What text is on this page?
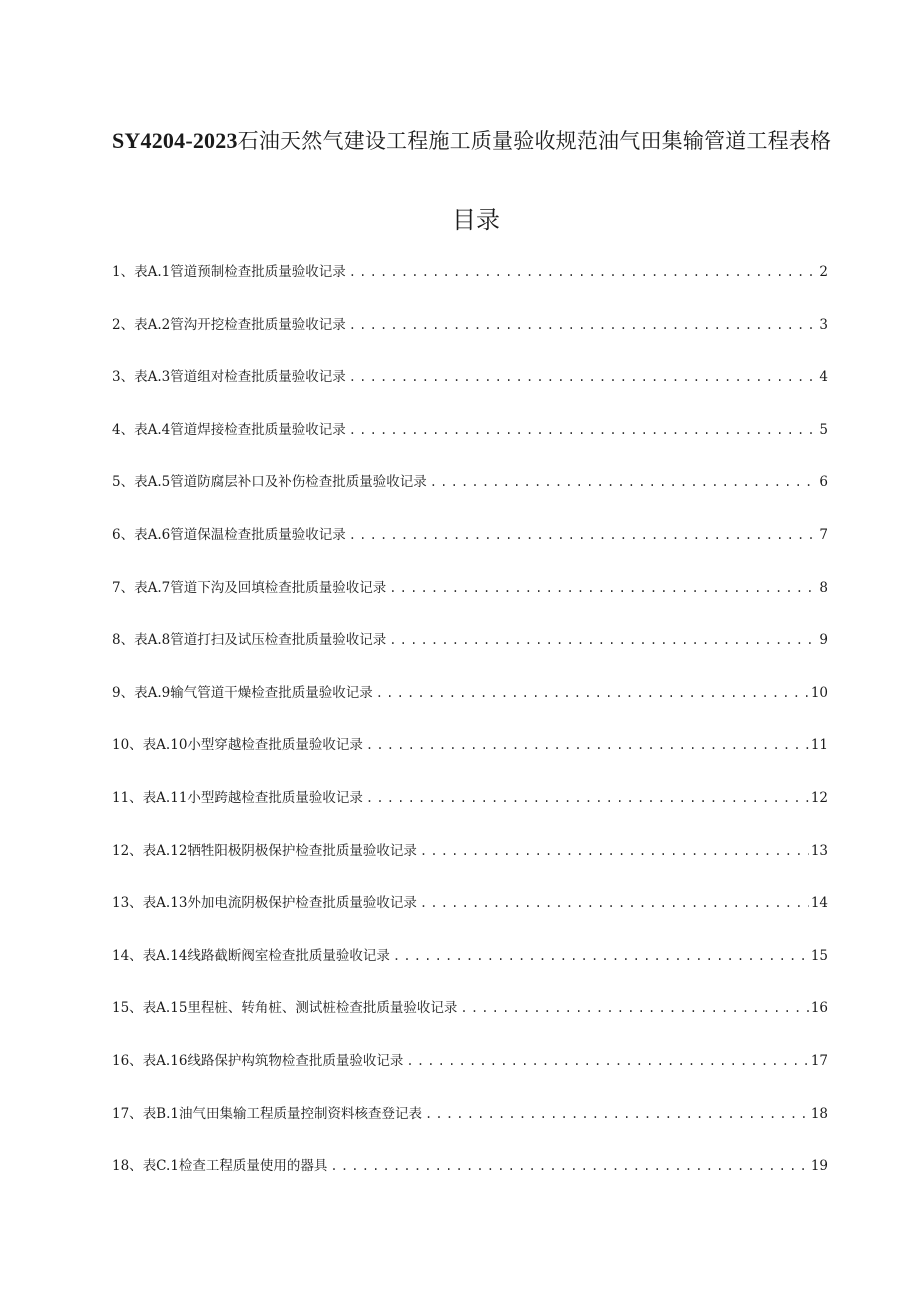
SY4204-2023石油天然气建设工程施工质量验收规范油气田集输管道工程表格
目录
1、 表A.1管道预制检查批质量验收记录 .....	2
2、 表A.2管沟开挖检查批质量验收记录 .....	3
3、 表A.3管道组对检查批质量验收记录 .....	4
4、 表A.4管道焊接检查批质量验收记录 .....	5
5、 表A.5管道防腐层补口及补伤检查批质量验收记录 .....	6
6、 表A.6管道保温检查批质量验收记录 .....	7
7、 表A.7管道下沟及回填检查批质量验收记录 .....	8
8、 表A.8管道打扫及试压检查批质量验收记录 .....	9
9、 表A.9输气管道干燥检查批质量验收记录 .....	10
10、 表A.10小型穿越检查批质量验收记录 .....	11
11、 表A.11小型跨越检查批质量验收记录 .....	12
12、 表A.12牺牲阳极阴极保护检查批质量验收记录 .....	13
13、 表A.13外加电流阴极保护检查批质量验收记录 .....	14
14、 表A.14线路截断阀室检查批质量验收记录 .....	15
15、 表A.15里程桩、转角桩、测试桩检查批质量验收记录 .....	16
16、 表A.16线路保护构筑物检查批质量验收记录 .....	17
17、 表B.1油气田集输工程质量控制资料核查登记表 .....	18
18、 表C.1检查工程质量使用的器具 .....	19
